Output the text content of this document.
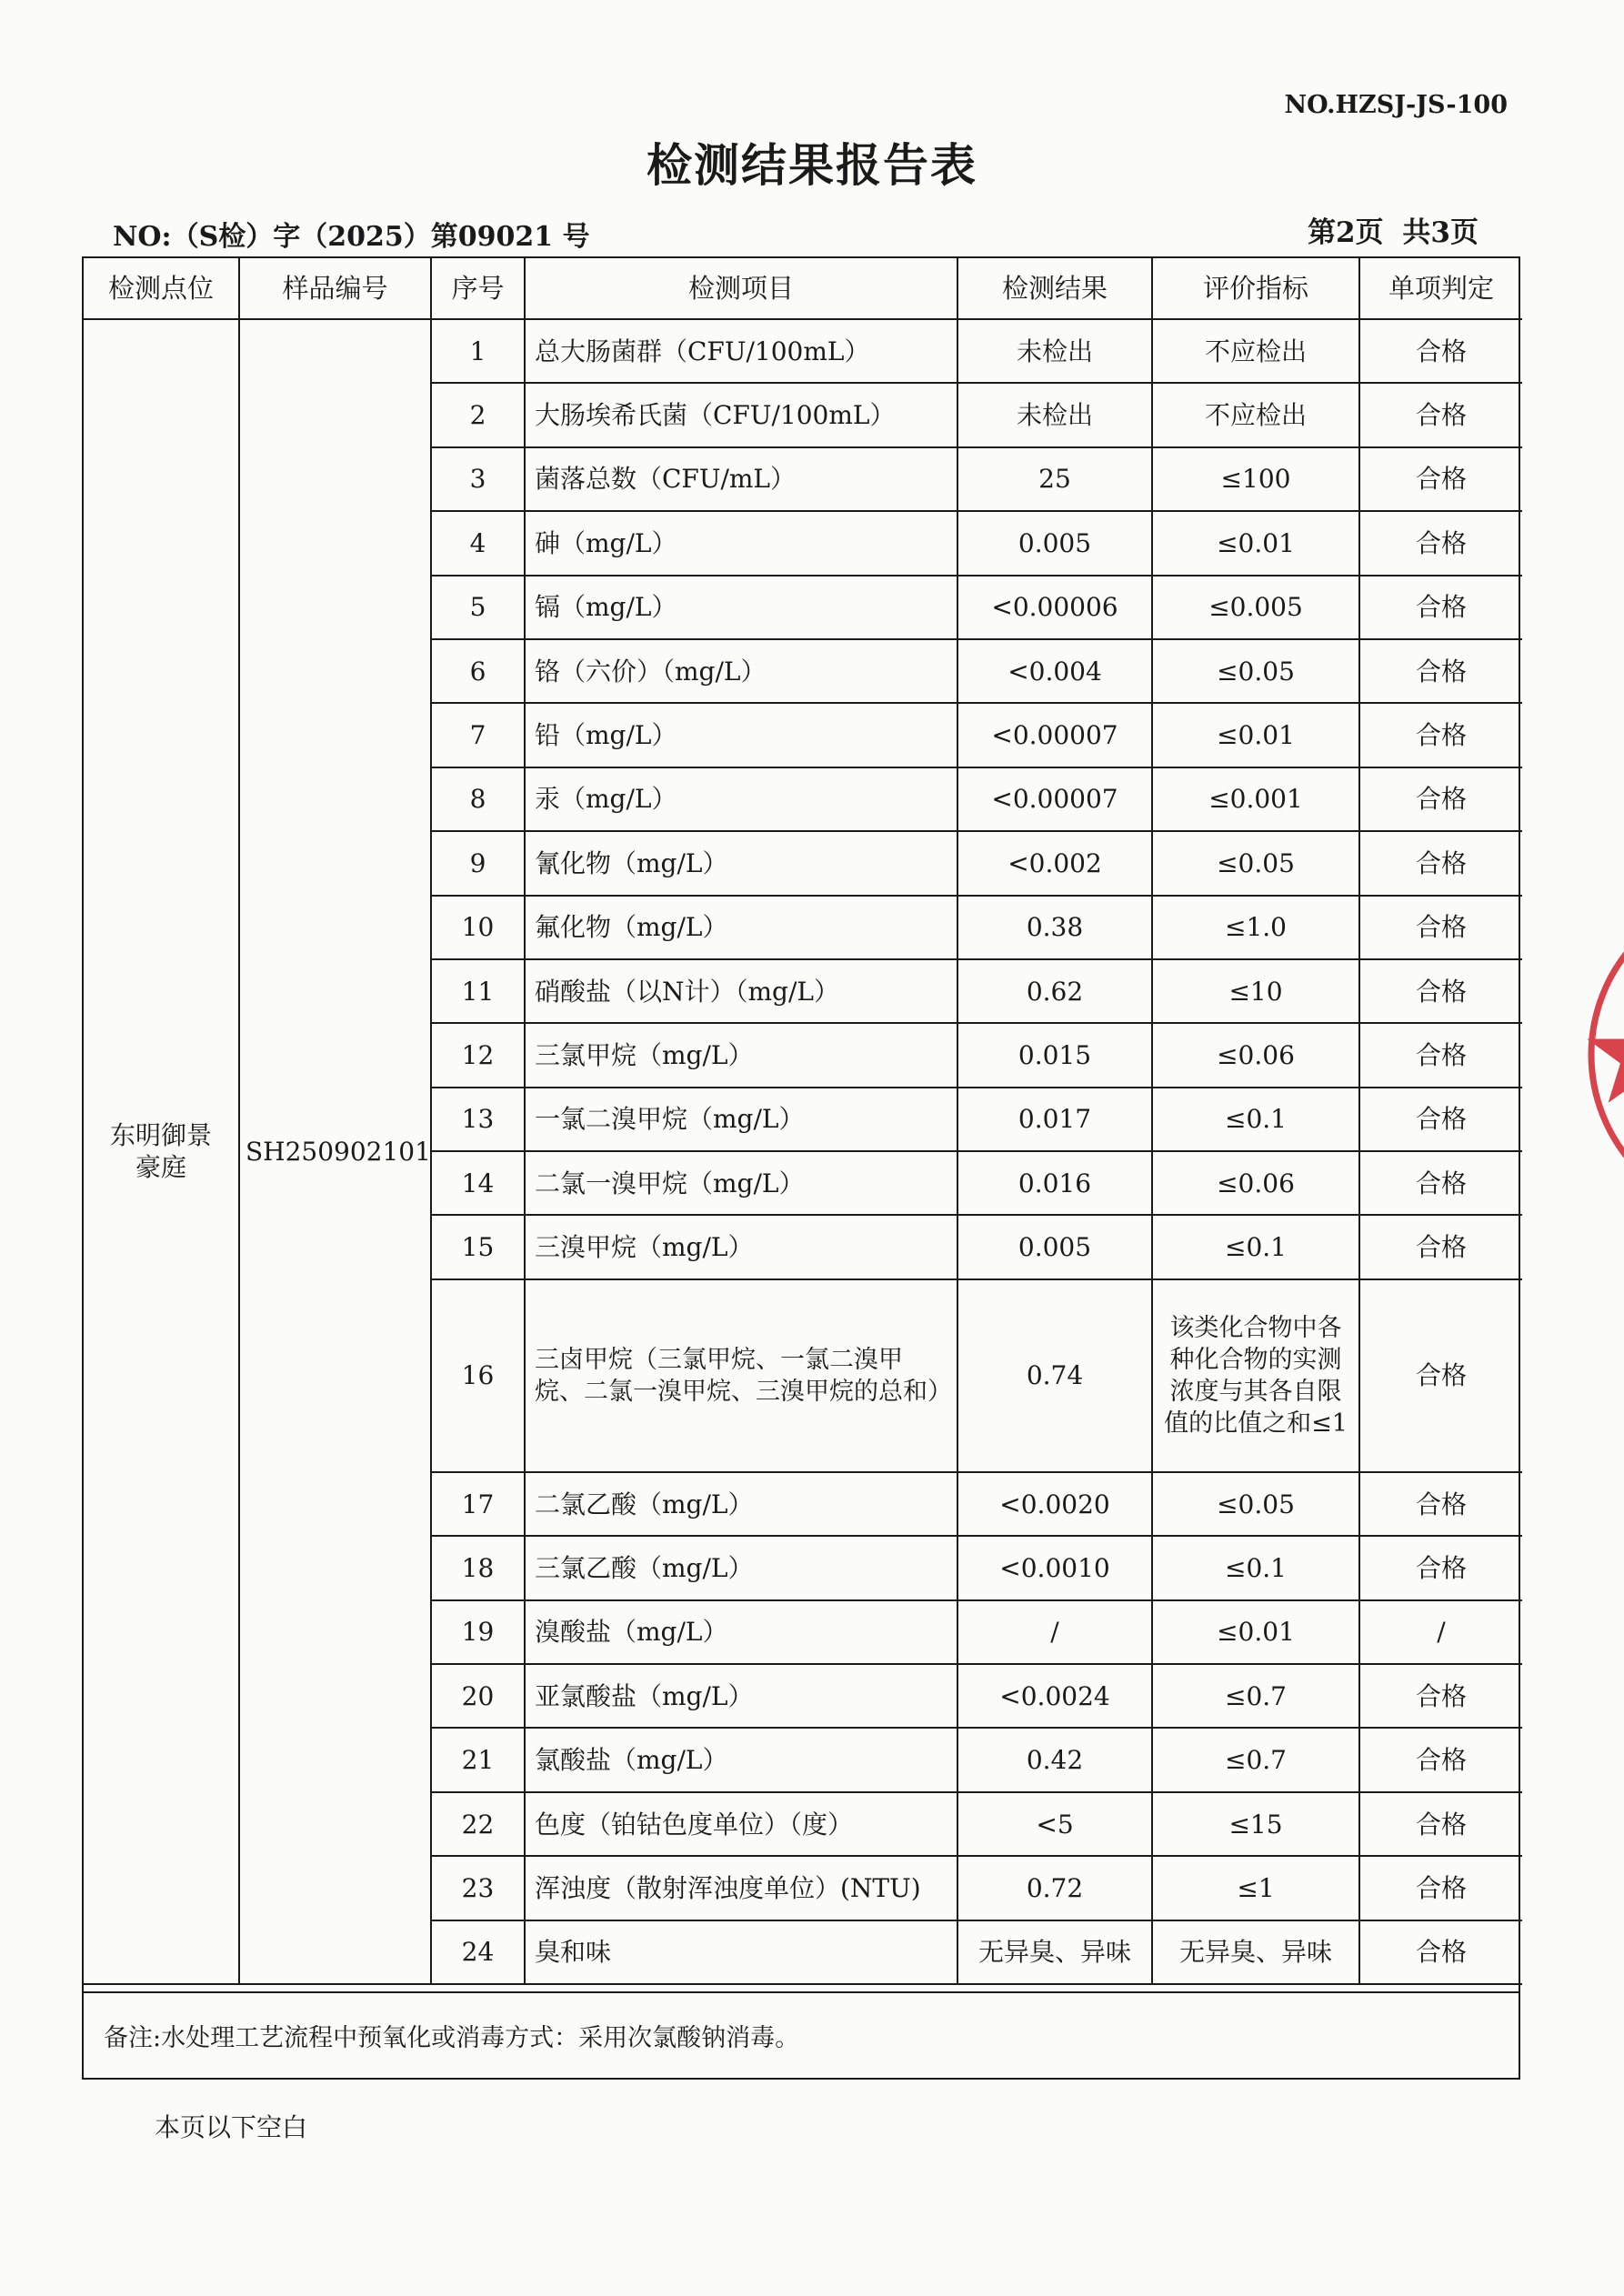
NO.HZSJ-JS-100
检测结果报告表
NO:（S检）字（2025）第09021 号	第2页 共3页
检测点位	样品编号	序号	检测项目	检测结果	评价指标	单项判定
东明御景豪庭	SH250902101	1	总大肠菌群（CFU/100mL）	未检出	不应检出	合格
		2	大肠埃希氏菌（CFU/100mL）	未检出	不应检出	合格
		3	菌落总数（CFU/mL）	25	≤100	合格
		4	砷（mg/L）	0.005	≤0.01	合格
		5	镉（mg/L）	<0.00006	≤0.005	合格
		6	铬（六价）（mg/L）	<0.004	≤0.05	合格
		7	铅（mg/L）	<0.00007	≤0.01	合格
		8	汞（mg/L）	<0.00007	≤0.001	合格
		9	氰化物（mg/L）	<0.002	≤0.05	合格
		10	氟化物（mg/L）	0.38	≤1.0	合格
		11	硝酸盐（以N计）（mg/L）	0.62	≤10	合格
		12	三氯甲烷（mg/L）	0.015	≤0.06	合格
		13	一氯二溴甲烷（mg/L）	0.017	≤0.1	合格
		14	二氯一溴甲烷（mg/L）	0.016	≤0.06	合格
		15	三溴甲烷（mg/L）	0.005	≤0.1	合格
		16	三卤甲烷（三氯甲烷、一氯二溴甲烷、二氯一溴甲烷、三溴甲烷的总和）	0.74	该类化合物中各种化合物的实测浓度与其各自限值的比值之和≤1	合格
		17	二氯乙酸（mg/L）	<0.0020	≤0.05	合格
		18	三氯乙酸（mg/L）	<0.0010	≤0.1	合格
		19	溴酸盐（mg/L）	/	≤0.01	/
		20	亚氯酸盐（mg/L）	<0.0024	≤0.7	合格
		21	氯酸盐（mg/L）	0.42	≤0.7	合格
		22	色度（铂钴色度单位）（度）	<5	≤15	合格
		23	浑浊度（散射浑浊度单位）(NTU)	0.72	≤1	合格
		24	臭和味	无异臭、异味	无异臭、异味	合格
备注:水处理工艺流程中预氧化或消毒方式：采用次氯酸钠消毒。
本页以下空白
